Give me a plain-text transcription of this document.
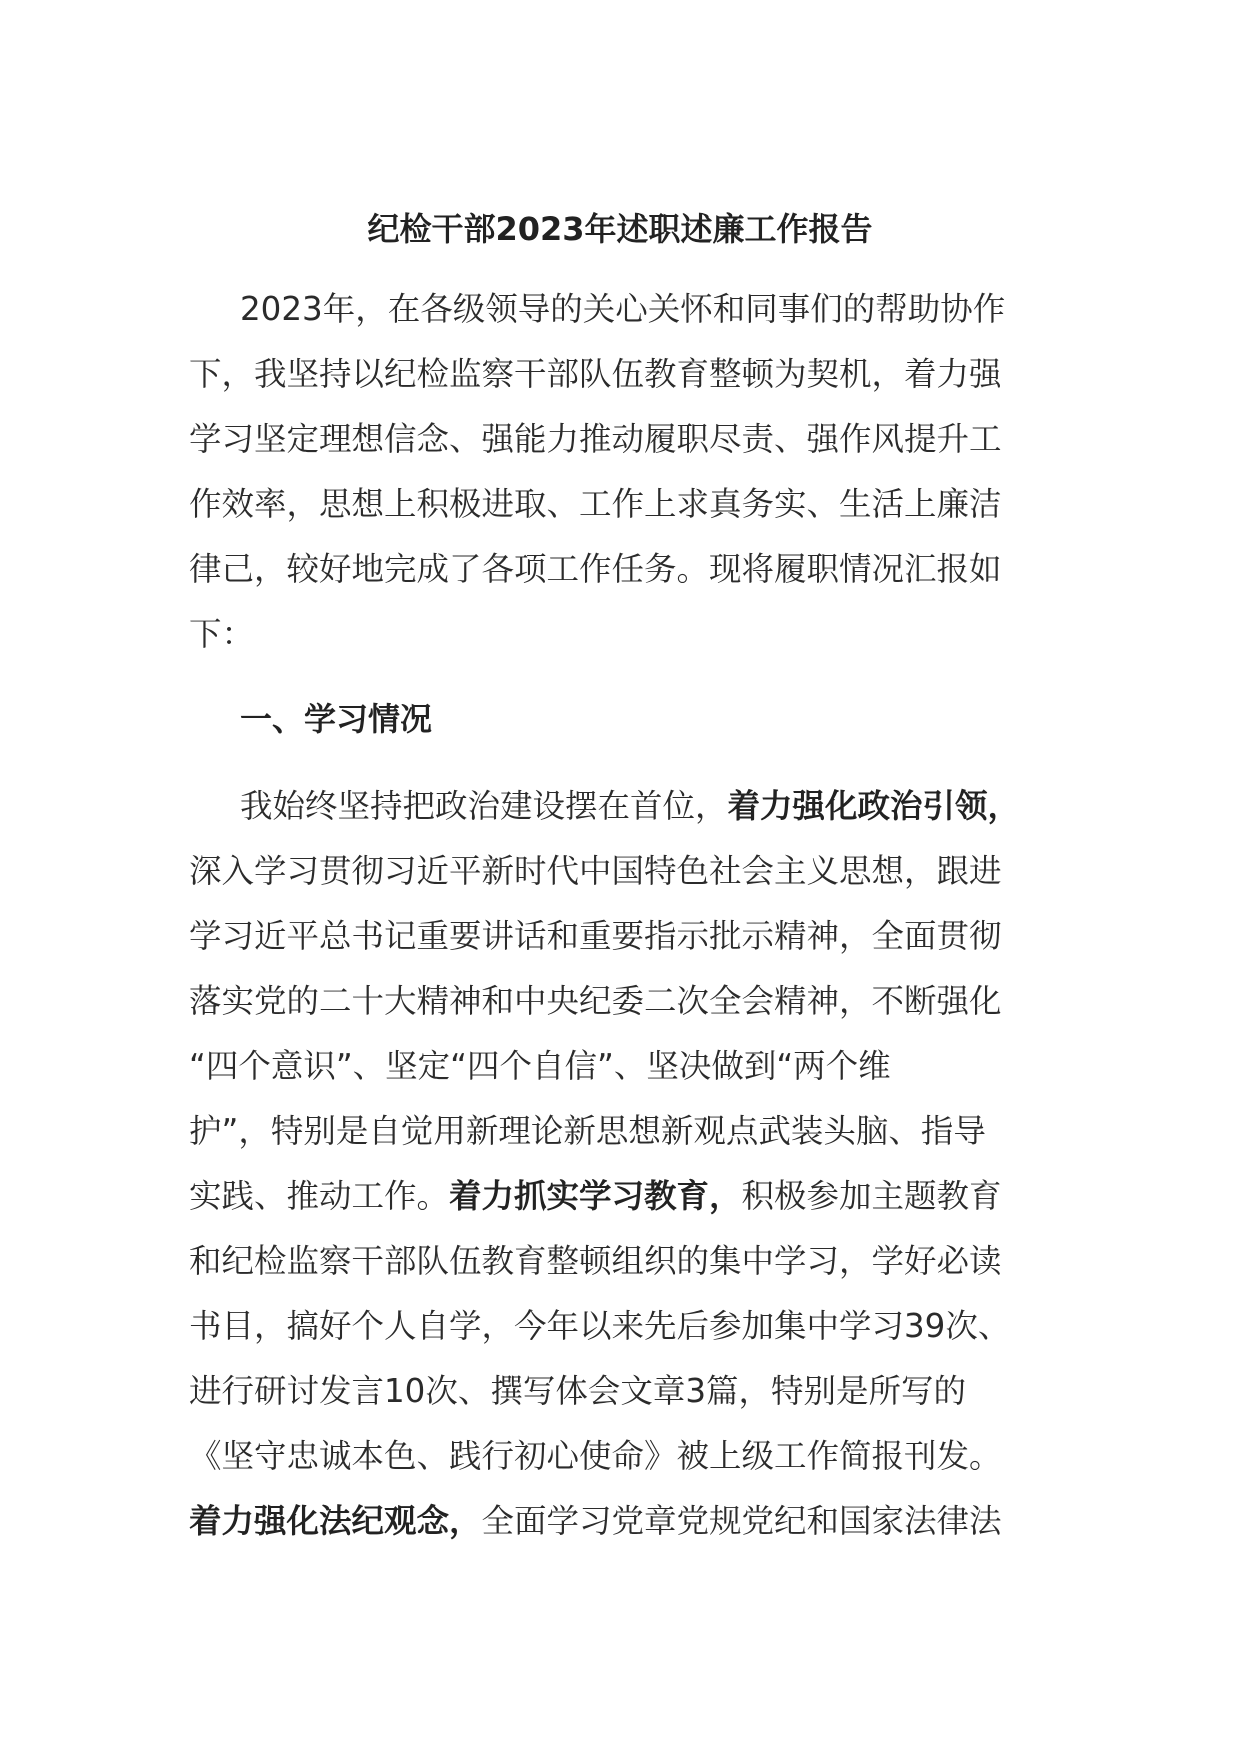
纪检干部2023年述职述廉工作报告
2023年，在各级领导的关心关怀和同事们的帮助协作
下，我坚持以纪检监察干部队伍教育整顿为契机，着力强
学习坚定理想信念、强能力推动履职尽责、强作风提升工
作效率，思想上积极进取、工作上求真务实、生活上廉洁
律己，较好地完成了各项工作任务。现将履职情况汇报如
下：
一、学习情况
我始终坚持把政治建设摆在首位，着力强化政治引领，
深入学习贯彻习近平新时代中国特色社会主义思想，跟进
学习近平总书记重要讲话和重要指示批示精神，全面贯彻
落实党的二十大精神和中央纪委二次全会精神，不断强化
“四个意识”、坚定“四个自信”、坚决做到“两个维
护”，特别是自觉用新理论新思想新观点武装头脑、指导
实践、推动工作。着力抓实学习教育，积极参加主题教育
和纪检监察干部队伍教育整顿组织的集中学习，学好必读
书目，搞好个人自学，今年以来先后参加集中学习39次、
进行研讨发言10次、撰写体会文章3篇，特别是所写的
《坚守忠诚本色、践行初心使命》被上级工作简报刊发。
着力强化法纪观念，全面学习党章党规党纪和国家法律法
